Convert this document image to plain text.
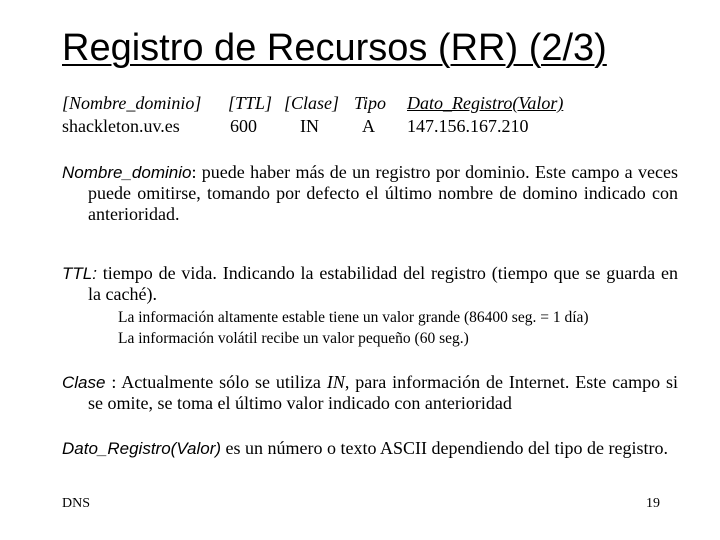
Registro de Recursos (RR) (2/3)
[Nombre_dominio] [TTL] [Clase] Tipo Dato_Registro(Valor)
shackleton.uv.es	600 IN A 147.156.167.210
Nombre_dominio: puede haber más de un registro por dominio. Este campo a veces puede omitirse, tomando por defecto el último nombre de domino indicado con anterioridad.
TTL: tiempo de vida. Indicando la estabilidad del registro (tiempo que se guarda en la caché).
La información altamente estable tiene un valor grande (86400 seg. = 1 día)
La información volátil recibe un valor pequeño (60 seg.)
Clase : Actualmente sólo se utiliza IN, para información de Internet. Este campo si se omite, se toma el último valor indicado con anterioridad
Dato_Registro(Valor) es un número o texto ASCII dependiendo del tipo de registro.
DNS	19
